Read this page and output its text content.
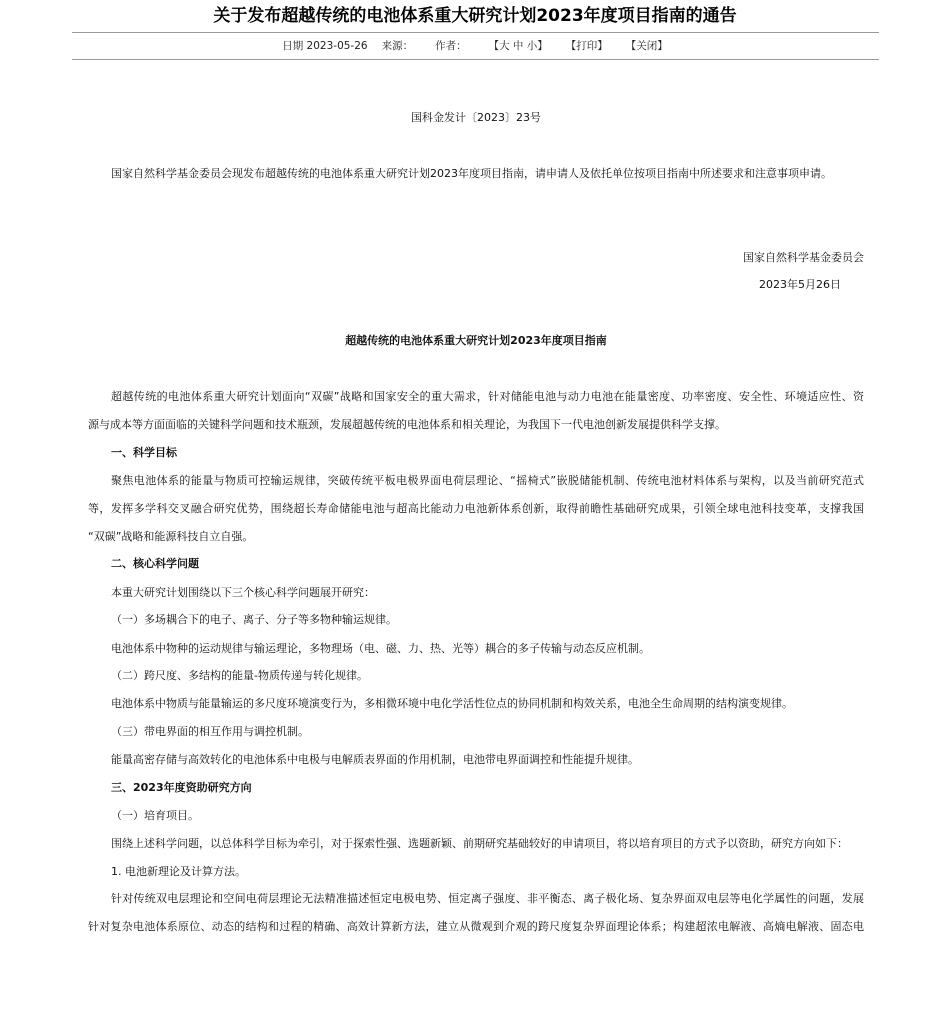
关于发布超越传统的电池体系重大研究计划2023年度项目指南的通告
日期 2023-05-26 来源： 作者： 【大 中 小】 【打印】 【关闭】
国科金发计〔2023〕23号
国家自然科学基金委员会现发布超越传统的电池体系重大研究计划2023年度项目指南，请申请人及依托单位按项目指南中所述要求和注意事项申请。
国家自然科学基金委员会
2023年5月26日
超越传统的电池体系重大研究计划2023年度项目指南
超越传统的电池体系重大研究计划面向“双碳”战略和国家安全的重大需求，针对储能电池与动力电池在能量密度、功率密度、安全性、环境适应性、资
源与成本等方面面临的关键科学问题和技术瓶颈，发展超越传统的电池体系和相关理论，为我国下一代电池创新发展提供科学支撑。
一、科学目标
聚焦电池体系的能量与物质可控输运规律，突破传统平板电极界面电荷层理论、“摇椅式”嵌脱储能机制、传统电池材料体系与架构，以及当前研究范式
等，发挥多学科交叉融合研究优势，围绕超长寿命储能电池与超高比能动力电池新体系创新，取得前瞻性基础研究成果，引领全球电池科技变革，支撑我国
“双碳”战略和能源科技自立自强。
二、核心科学问题
本重大研究计划围绕以下三个核心科学问题展开研究：
（一）多场耦合下的电子、离子、分子等多物种输运规律。
电池体系中物种的运动规律与输运理论，多物理场（电、磁、力、热、光等）耦合的多子传输与动态反应机制。
（二）跨尺度、多结构的能量-物质传递与转化规律。
电池体系中物质与能量输运的多尺度环境演变行为，多相微环境中电化学活性位点的协同机制和构效关系，电池全生命周期的结构演变规律。
（三）带电界面的相互作用与调控机制。
能量高密存储与高效转化的电池体系中电极与电解质表界面的作用机制，电池带电界面调控和性能提升规律。
三、2023年度资助研究方向
（一）培育项目。
围绕上述科学问题，以总体科学目标为牵引，对于探索性强、选题新颖、前期研究基础较好的申请项目，将以培育项目的方式予以资助，研究方向如下：
1. 电池新理论及计算方法。
针对传统双电层理论和空间电荷层理论无法精准描述恒定电极电势、恒定离子强度、非平衡态、离子极化场、复杂界面双电层等电化学属性的问题，发展
针对复杂电池体系原位、动态的结构和过程的精确、高效计算新方法，建立从微观到介观的跨尺度复杂界面理论体系；构建超浓电解液、高熵电解液、固态电
